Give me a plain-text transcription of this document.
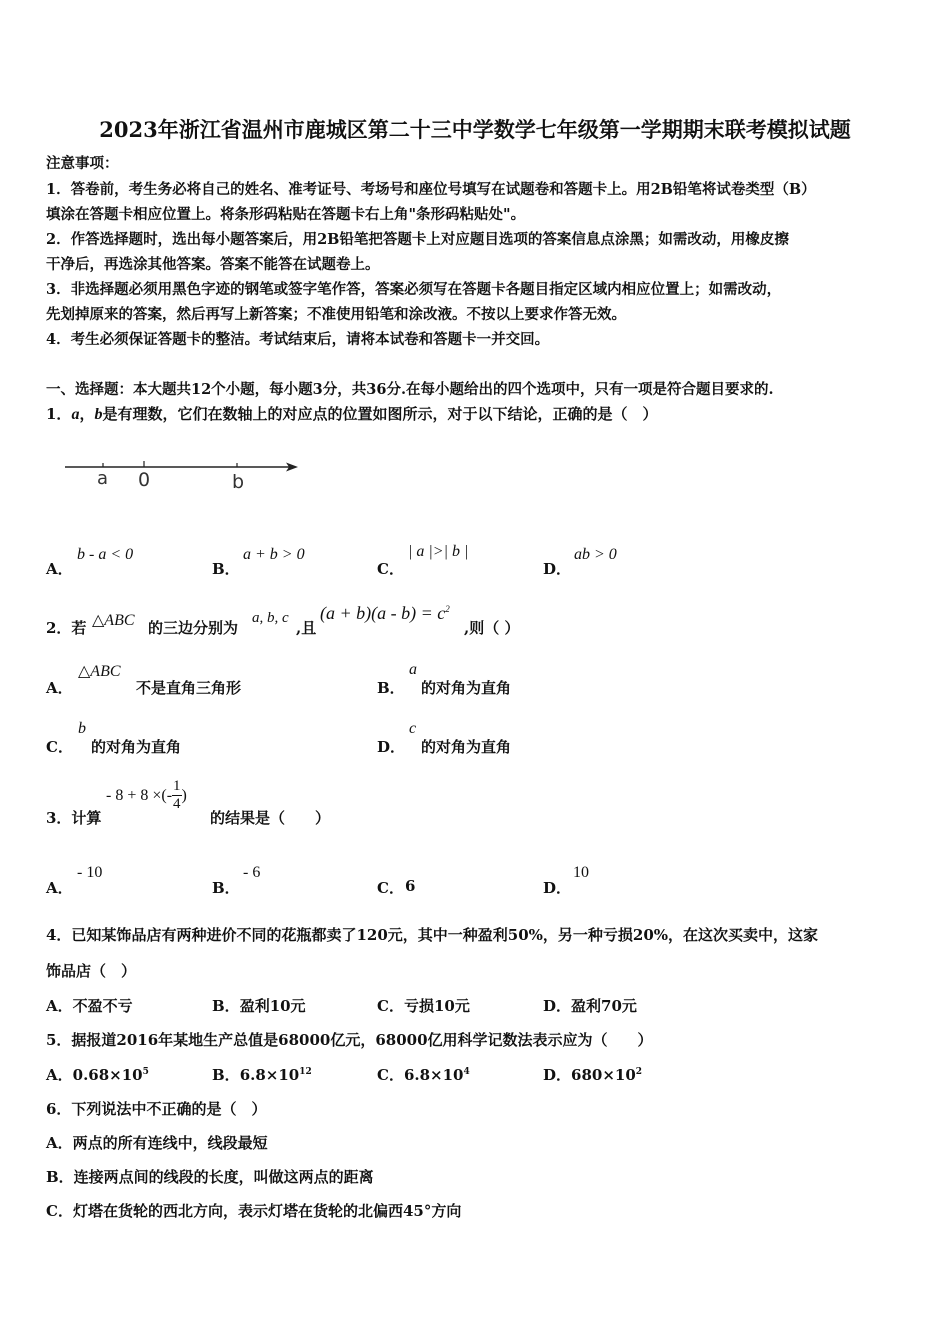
2023年浙江省温州市鹿城区第二十三中学数学七年级第一学期期末联考模拟试题
注意事项：
1．答卷前，考生务必将自己的姓名、准考证号、考场号和座位号填写在试题卷和答题卡上。用2B铅笔将试卷类型（B）
填涂在答题卡相应位置上。将条形码粘贴在答题卡右上角"条形码粘贴处"。
2．作答选择题时，选出每小题答案后，用2B铅笔把答题卡上对应题目选项的答案信息点涂黑；如需改动，用橡皮擦
干净后，再选涂其他答案。答案不能答在试题卷上。
3．非选择题必须用黑色字迹的钢笔或签字笔作答，答案必须写在答题卡各题目指定区域内相应位置上；如需改动，
先划掉原来的答案，然后再写上新答案；不准使用铅笔和涂改液。不按以上要求作答无效。
4．考生必须保证答题卡的整洁。考试结束后，请将本试卷和答题卡一并交回。
一、选择题：本大题共12个小题，每小题3分，共36分.在每小题给出的四个选项中，只有一项是符合题目要求的.
1．a，b是有理数，它们在数轴上的对应点的位置如图所示，对于以下结论，正确的是（　）
a 0	b
A．
b - a < 0
B．
a + b > 0
C．
| a |>| b |
D．
ab > 0
2．若 △ABC 的三边分别为
a, b, c
,且
$(a + b)(a - b) = c^2$
,则（ ）
A．
△ABC
不是直角三角形	B．
a
的对角为直角
C．
b
的对角为直角	D．
c
的对角为直角
3．计算
- 8 + 8 ×(- $\frac{1}{4}$ )
的结果是（　　）
A．
- 10
B．
- 6
C． 6	D．
10
4．已知某饰品店有两种进价不同的花瓶都卖了120元，其中一种盈利50%，另一种亏损20%，在这次买卖中，这家
饰品店（　）
A．不盈不亏	B．盈利10元	C．亏损10元	D．盈利70元
5．据报道2016年某地生产总值是68000亿元，68000亿用科学记数法表示应为（　　）
A．$0.68\times 10^5$	B．$6.8\times 10^{12}$	C．$6.8\times 10^4$	D．$680\times 10^2$
6．下列说法中不正确的是（　）
A．两点的所有连线中，线段最短
B．连接两点间的线段的长度，叫做这两点的距离
C．灯塔在货轮的西北方向，表示灯塔在货轮的北偏西45°方向
